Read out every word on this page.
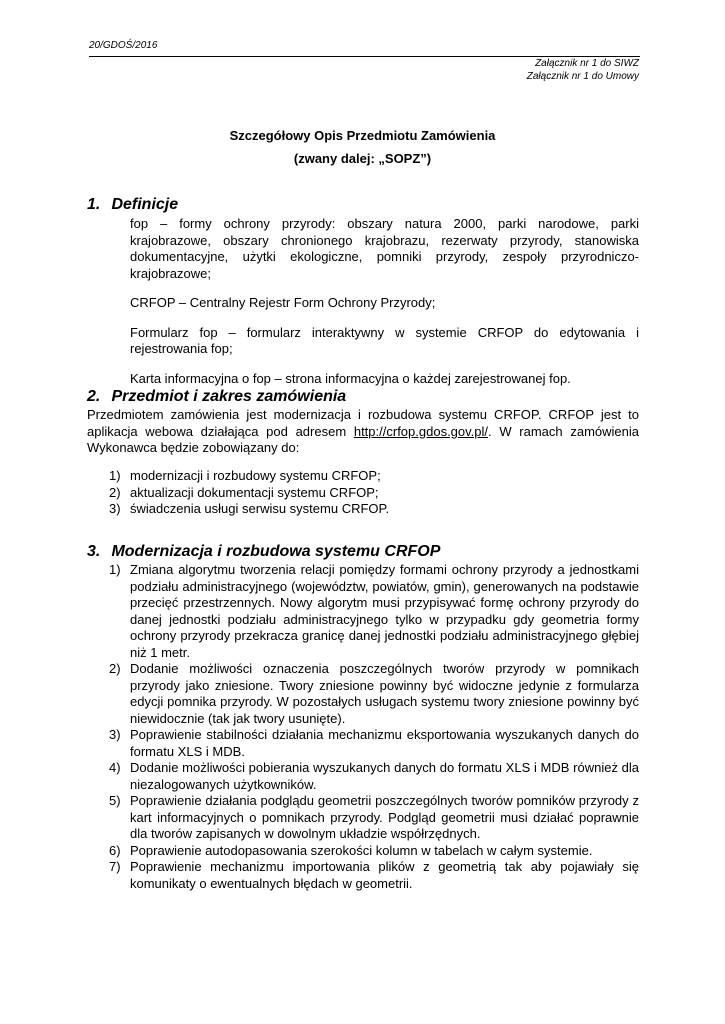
20/GDOŚ/2016
Załącznik nr 1 do SIWZ
Załącznik nr 1 do Umowy
Szczegółowy Opis Przedmiotu Zamówienia
(zwany dalej: „SOPZ”)
1. Definicje

fop – formy ochrony przyrody: obszary natura 2000, parki narodowe, parki krajobrazowe, obszary chronionego krajobrazu, rezerwaty przyrody, stanowiska dokumentacyjne, użytki ekologiczne, pomniki przyrody, zespoły przyrodniczo-krajobrazowe;

CRFOP – Centralny Rejestr Form Ochrony Przyrody;

Formularz fop – formularz interaktywny w systemie CRFOP do edytowania i rejestrowania fop;

Karta informacyjna o fop – strona informacyjna o każdej zarejestrowanej fop.

2. Przedmiot i zakres zamówienia
Przedmiotem zamówienia jest modernizacja i rozbudowa systemu CRFOP. CRFOP jest to aplikacja webowa działająca pod adresem http://crfop.gdos.gov.pl/. W ramach zamówienia Wykonawca będzie zobowiązany do:
1) modernizacji i rozbudowy systemu CRFOP;
2) aktualizacji dokumentacji systemu CRFOP;
3) świadczenia usługi serwisu systemu CRFOP.
3. Modernizacja i rozbudowa systemu CRFOP
1) Zmiana algorytmu tworzenia relacji pomiędzy formami ochrony przyrody a jednostkami podziału administracyjnego (województw, powiatów, gmin), generowanych na podstawie przecięć przestrzennych. Nowy algorytm musi przypisywać formę ochrony przyrody do danej jednostki podziału administracyjnego tylko w przypadku gdy geometria formy ochrony przyrody przekracza granicę danej jednostki podziału administracyjnego głębiej niż 1 metr.
2) Dodanie możliwości oznaczenia poszczególnych tworów przyrody w pomnikach przyrody jako zniesione. Twory zniesione powinny być widoczne jedynie z formularza edycji pomnika przyrody. W pozostałych usługach systemu twory zniesione powinny być niewidocznie (tak jak twory usunięte).
3) Poprawienie stabilności działania mechanizmu eksportowania wyszukanych danych do formatu XLS i MDB.
4) Dodanie możliwości pobierania wyszukanych danych do formatu XLS i MDB również dla niezalogowanych użytkowników.
5) Poprawienie działania podglądu geometrii poszczególnych tworów pomników przyrody z kart informacyjnych o pomnikach przyrody. Podgląd geometrii musi działać poprawnie dla tworów zapisanych w dowolnym układzie współrzędnych.
6) Poprawienie autodopasowania szerokości kolumn w tabelach w całym systemie.
7) Poprawienie mechanizmu importowania plików z geometrią tak aby pojawiały się komunikaty o ewentualnych błędach w geometrii.
